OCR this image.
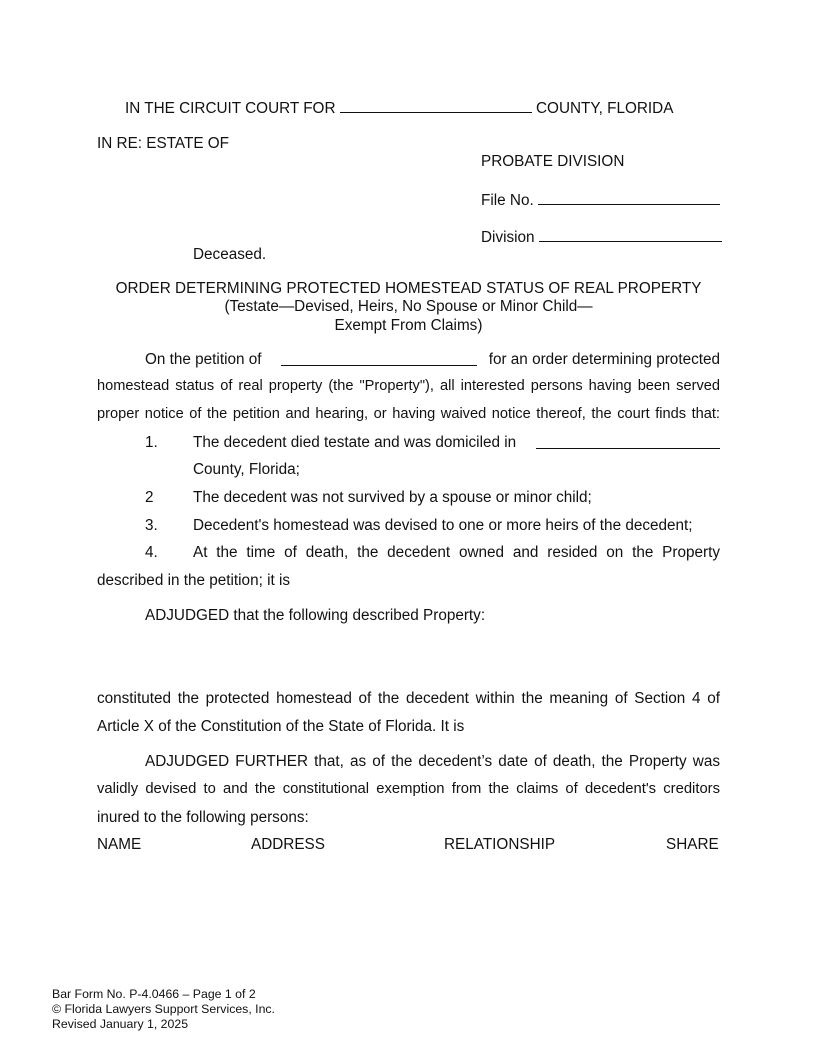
IN THE CIRCUIT COURT FOR	COUNTY, FLORIDA
IN RE: ESTATE OF
PROBATE DIVISION
File No.
Division
Deceased.
ORDER DETERMINING PROTECTED HOMESTEAD STATUS OF REAL PROPERTY
(Testate—Devised, Heirs, No Spouse or Minor Child—
Exempt From Claims)
On the petition of	for an order determining protected
homestead status of real property (the "Property"), all interested persons having been served
proper notice of the petition and hearing, or having waived notice thereof, the court finds that:
1. The decedent died testate and was domiciled in
County, Florida;
2	The decedent was not survived by a spouse or minor child;
3. Decedent's homestead was devised to one or more heirs of the decedent;
4. At the time of death, the decedent owned and resided on the Property
described in the petition; it is
ADJUDGED that the following described Property:
constituted the protected homestead of the decedent within the meaning of Section 4 of
Article X of the Constitution of the State of Florida. It is
ADJUDGED FURTHER that, as of the decedent’s date of death, the Property was
validly devised to and the constitutional exemption from the claims of decedent's creditors
inured to the following persons:
NAME	ADDRESS	RELATIONSHIP	SHARE
Bar Form No. P-4.0466 – Page 1 of 2
© Florida Lawyers Support Services, Inc.
Revised January 1, 2025
